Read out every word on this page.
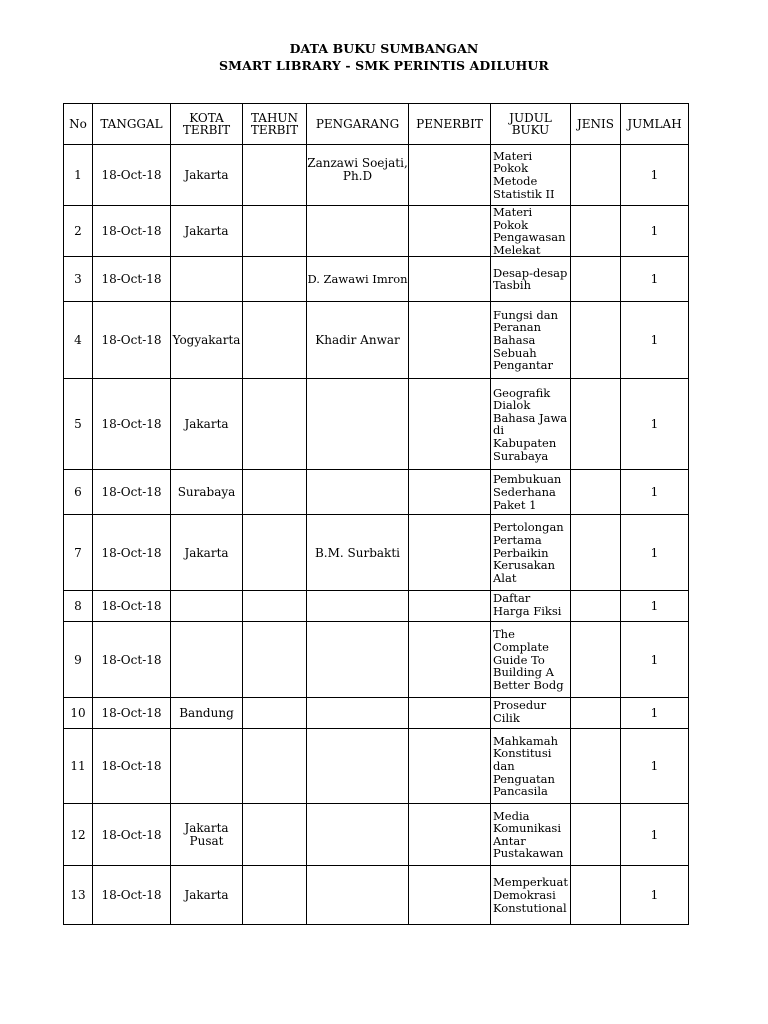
DATA BUKU SUMBANGAN
SMART LIBRARY - SMK PERINTIS ADILUHUR
No	TANGGAL	KOTA TERBIT	TAHUN TERBIT	PENGARANG	PENERBIT	JUDUL BUKU	JENIS	JUMLAH
1	18-Oct-18	Jakarta		Zanzawi Soejati, Ph.D		Materi Pokok Metode Statistik II		1
2	18-Oct-18	Jakarta				Materi Pokok Pengawasan Melekat		1
3	18-Oct-18			D. Zawawi Imron		Desap-desap Tasbih		1
4	18-Oct-18	Yogyakarta		Khadir Anwar		Fungsi dan Peranan Bahasa Sebuah Pengantar		1
5	18-Oct-18	Jakarta				Geografik Dialok Bahasa Jawa di Kabupaten Surabaya		1
6	18-Oct-18	Surabaya				Pembukuan Sederhana Paket 1		1
7	18-Oct-18	Jakarta		B.M. Surbakti		Pertolongan Pertama Perbaikin Kerusakan Alat		1
8	18-Oct-18					Daftar Harga Fiksi		1
9	18-Oct-18					The Complate Guide To Building A Better Bodg		1
10	18-Oct-18	Bandung				Prosedur Cilik		1
11	18-Oct-18					Mahkamah Konstitusi dan Penguatan Pancasila		1
12	18-Oct-18	Jakarta Pusat				Media Komunikasi Antar Pustakawan		1
13	18-Oct-18	Jakarta				Memperkuat Demokrasi Konstutional		1
